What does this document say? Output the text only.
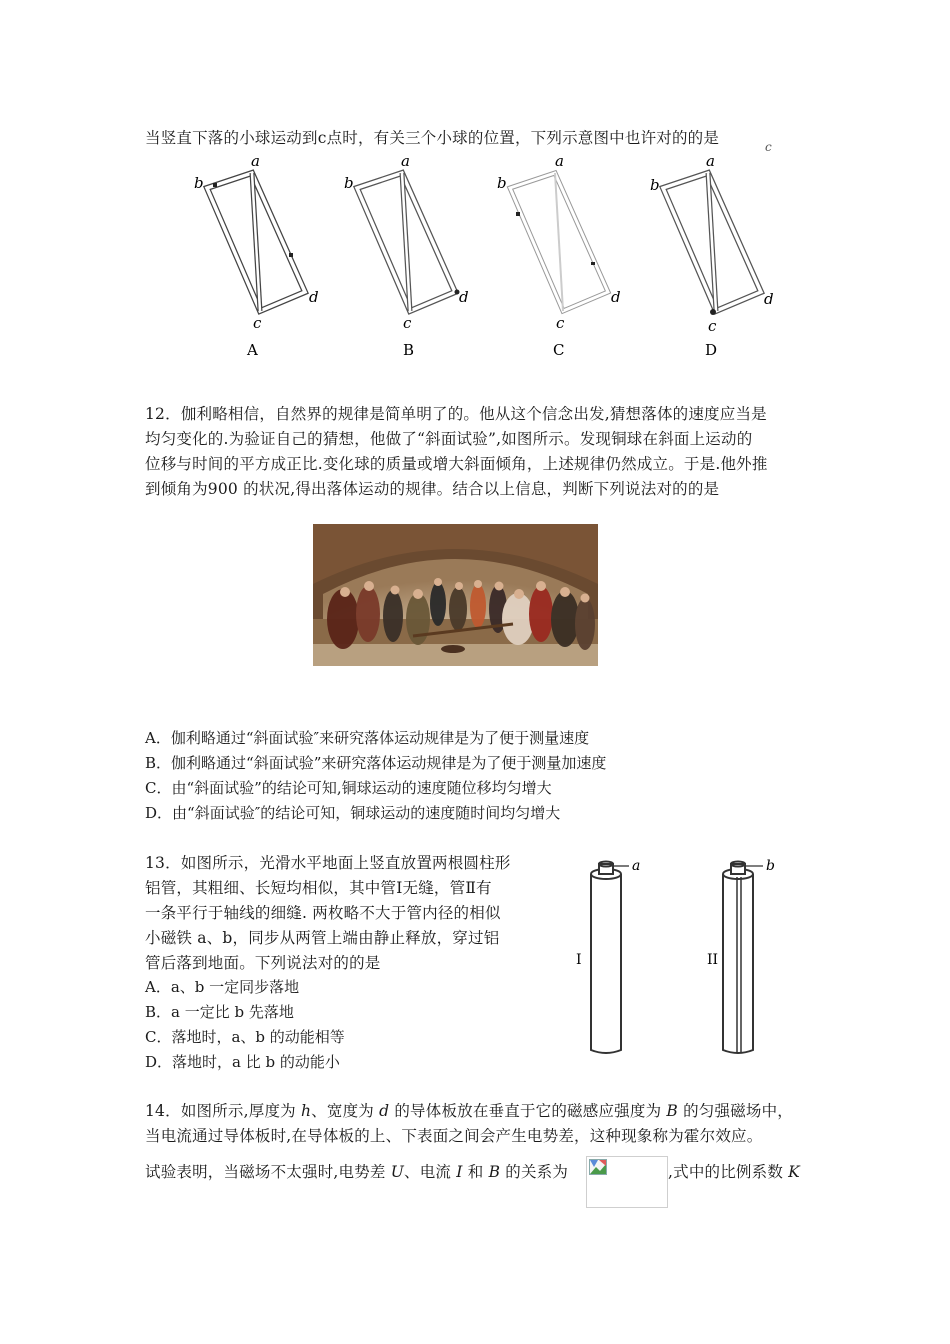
当竖直下落的小球运动到c点时，有关三个小球的位置，下列示意图中也许对的的是	c
a
b
c
d
A
a
b
c
d
B
a
b
c
d
C
a
b
c
d
D
12．伽利略相信，自然界的规律是简单明了的。他从这个信念出发,猜想落体的速度应当是
均匀变化的.为验证自己的猜想，他做了“斜面试验”,如图所示。发现铜球在斜面上运动的
位移与时间的平方成正比.变化球的质量或增大斜面倾角，上述规律仍然成立。于是.他外推
到倾角为900 的状况,得出落体运动的规律。结合以上信息，判断下列说法对的的是
A．伽利略通过“斜面试验″来研究落体运动规律是为了便于测量速度
B．伽利略通过“斜面试验”来研究落体运动规律是为了便于测量加速度
C．由“斜面试验”的结论可知,铜球运动的速度随位移均匀增大
D．由“斜面试验″的结论可知，铜球运动的速度随时间均匀增大
13．如图所示，光滑水平地面上竖直放置两根圆柱形
铝管，其粗细、长短均相似，其中管Ⅰ无缝，管Ⅱ有
一条平行于轴线的细缝. 两枚略不大于管内径的相似
小磁铁 a、b，同步从两管上端由静止释放，穿过铝
管后落到地面。下列说法对的的是
A．a、b 一定同步落地
B．a 一定比 b 先落地
C．落地时，a、b 的动能相等
D．落地时，a 比 b 的动能小
a
I
b
II
14．如图所示,厚度为 h、宽度为 d 的导体板放在垂直于它的磁感应强度为 B 的匀强磁场中，
当电流通过导体板时,在导体板的上、下表面之间会产生电势差，这种现象称为霍尔效应。
试验表明，当磁场不太强时,电势差 U、电流 I 和 B 的关系为	,式中的比例系数 K
